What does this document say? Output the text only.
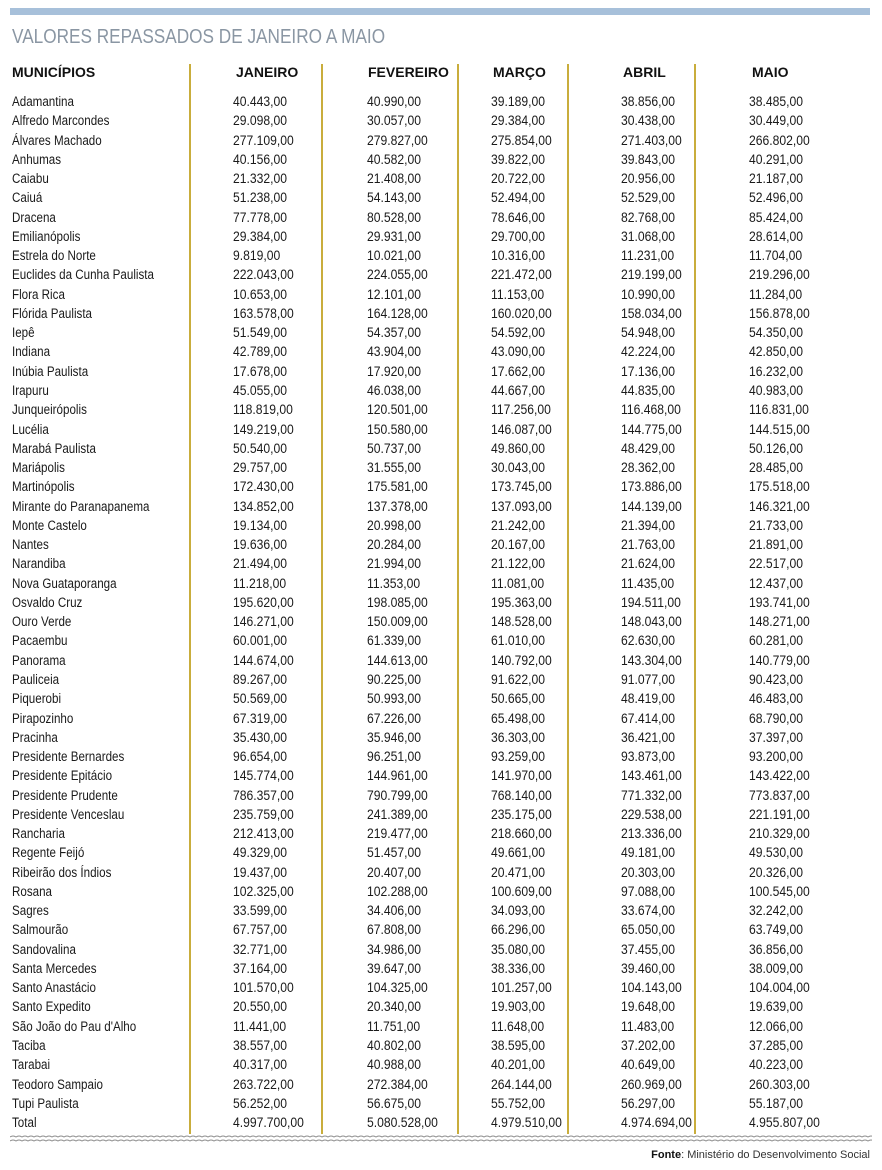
VALORES REPASSADOS DE JANEIRO A MAIO
MUNICÍPIOS	JANEIRO	FEVEREIRO	MARÇO	ABRIL	MAIO
Adamantina	40.443,00	40.990,00	39.189,00	38.856,00	38.485,00
Alfredo Marcondes	29.098,00	30.057,00	29.384,00	30.438,00	30.449,00
Álvares Machado	277.109,00	279.827,00	275.854,00	271.403,00	266.802,00
Anhumas	40.156,00	40.582,00	39.822,00	39.843,00	40.291,00
Caiabu	21.332,00	21.408,00	20.722,00	20.956,00	21.187,00
Caiuá	51.238,00	54.143,00	52.494,00	52.529,00	52.496,00
Dracena	77.778,00	80.528,00	78.646,00	82.768,00	85.424,00
Emilianópolis	29.384,00	29.931,00	29.700,00	31.068,00	28.614,00
Estrela do Norte	9.819,00	10.021,00	10.316,00	11.231,00	11.704,00
Euclides da Cunha Paulista	222.043,00	224.055,00	221.472,00	219.199,00	219.296,00
Flora Rica	10.653,00	12.101,00	11.153,00	10.990,00	11.284,00
Flórida Paulista	163.578,00	164.128,00	160.020,00	158.034,00	156.878,00
Iepê	51.549,00	54.357,00	54.592,00	54.948,00	54.350,00
Indiana	42.789,00	43.904,00	43.090,00	42.224,00	42.850,00
Inúbia Paulista	17.678,00	17.920,00	17.662,00	17.136,00	16.232,00
Irapuru	45.055,00	46.038,00	44.667,00	44.835,00	40.983,00
Junqueirópolis	118.819,00	120.501,00	117.256,00	116.468,00	116.831,00
Lucélia	149.219,00	150.580,00	146.087,00	144.775,00	144.515,00
Marabá Paulista	50.540,00	50.737,00	49.860,00	48.429,00	50.126,00
Mariápolis	29.757,00	31.555,00	30.043,00	28.362,00	28.485,00
Martinópolis	172.430,00	175.581,00	173.745,00	173.886,00	175.518,00
Mirante do Paranapanema	134.852,00	137.378,00	137.093,00	144.139,00	146.321,00
Monte Castelo	19.134,00	20.998,00	21.242,00	21.394,00	21.733,00
Nantes	19.636,00	20.284,00	20.167,00	21.763,00	21.891,00
Narandiba	21.494,00	21.994,00	21.122,00	21.624,00	22.517,00
Nova Guataporanga	11.218,00	11.353,00	11.081,00	11.435,00	12.437,00
Osvaldo Cruz	195.620,00	198.085,00	195.363,00	194.511,00	193.741,00
Ouro Verde	146.271,00	150.009,00	148.528,00	148.043,00	148.271,00
Pacaembu	60.001,00	61.339,00	61.010,00	62.630,00	60.281,00
Panorama	144.674,00	144.613,00	140.792,00	143.304,00	140.779,00
Pauliceia	89.267,00	90.225,00	91.622,00	91.077,00	90.423,00
Piquerobi	50.569,00	50.993,00	50.665,00	48.419,00	46.483,00
Pirapozinho	67.319,00	67.226,00	65.498,00	67.414,00	68.790,00
Pracinha	35.430,00	35.946,00	36.303,00	36.421,00	37.397,00
Presidente Bernardes	96.654,00	96.251,00	93.259,00	93.873,00	93.200,00
Presidente Epitácio	145.774,00	144.961,00	141.970,00	143.461,00	143.422,00
Presidente Prudente	786.357,00	790.799,00	768.140,00	771.332,00	773.837,00
Presidente Venceslau	235.759,00	241.389,00	235.175,00	229.538,00	221.191,00
Rancharia	212.413,00	219.477,00	218.660,00	213.336,00	210.329,00
Regente Feijó	49.329,00	51.457,00	49.661,00	49.181,00	49.530,00
Ribeirão dos Índios	19.437,00	20.407,00	20.471,00	20.303,00	20.326,00
Rosana	102.325,00	102.288,00	100.609,00	97.088,00	100.545,00
Sagres	33.599,00	34.406,00	34.093,00	33.674,00	32.242,00
Salmourão	67.757,00	67.808,00	66.296,00	65.050,00	63.749,00
Sandovalina	32.771,00	34.986,00	35.080,00	37.455,00	36.856,00
Santa Mercedes	37.164,00	39.647,00	38.336,00	39.460,00	38.009,00
Santo Anastácio	101.570,00	104.325,00	101.257,00	104.143,00	104.004,00
Santo Expedito	20.550,00	20.340,00	19.903,00	19.648,00	19.639,00
São João do Pau d'Alho	11.441,00	11.751,00	11.648,00	11.483,00	12.066,00
Taciba	38.557,00	40.802,00	38.595,00	37.202,00	37.285,00
Tarabai	40.317,00	40.988,00	40.201,00	40.649,00	40.223,00
Teodoro Sampaio	263.722,00	272.384,00	264.144,00	260.969,00	260.303,00
Tupi Paulista	56.252,00	56.675,00	55.752,00	56.297,00	55.187,00
Total	4.997.700,00	5.080.528,00	4.979.510,00	4.974.694,00	4.955.807,00
Fonte: Ministério do Desenvolvimento Social
